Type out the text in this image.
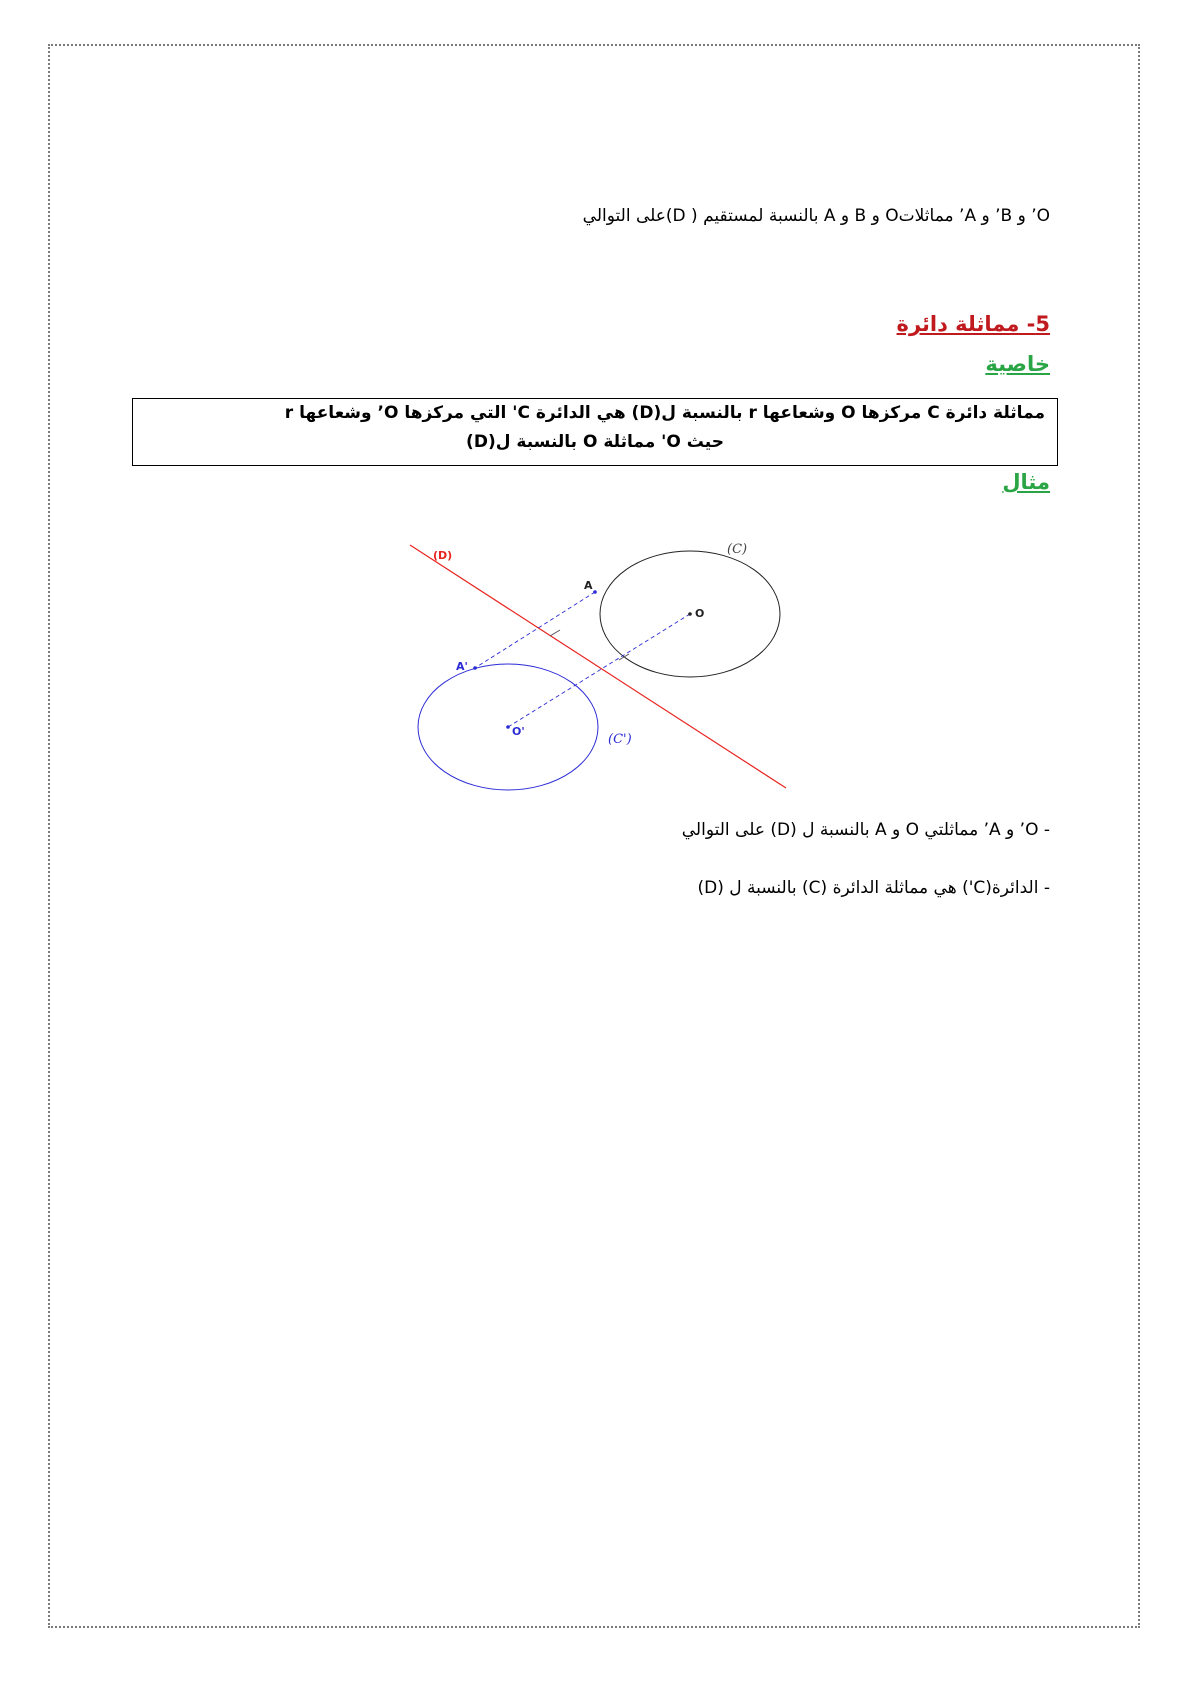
O’ و B’ و A’ مماثلاتO و B و A بالنسبة لمستقيم ( D)على التوالي
5- مماثلة دائرة
خاصية
مماثلة دائرة C مركزها O وشعاعها r بالنسبة ل(D) هي الدائرة C' التي مركزها O’ وشعاعها r
حيث O' مماثلة O بالنسبة ل(D)
مثال
(D)	(C)
(C')
A
A'
O
O'
- O’ و A’ مماثلتي O و A بالنسبة ل (D) على التوالي
- الدائرة(C') هي مماثلة الدائرة (C) بالنسبة ل (D)
